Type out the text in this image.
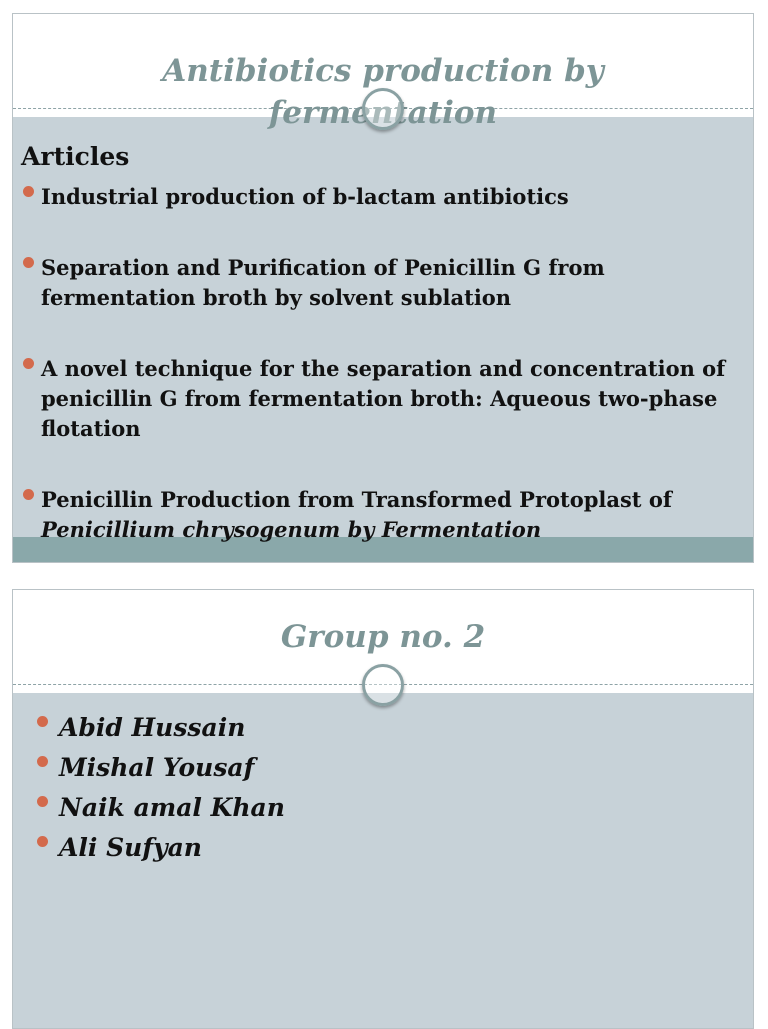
Antibiotics production by fermentation
Articles
Industrial production of b-lactam antibiotics
Separation and Purification of Penicillin G from fermentation broth by solvent sublation
A novel technique for the separation and concentration of penicillin G from fermentation broth: Aqueous two-phase flotation
Penicillin Production from Transformed Protoplast of Penicillium chrysogenum by Fermentation
Group no. 2
Abid Hussain
Mishal Yousaf
Naik amal Khan
Ali Sufyan
